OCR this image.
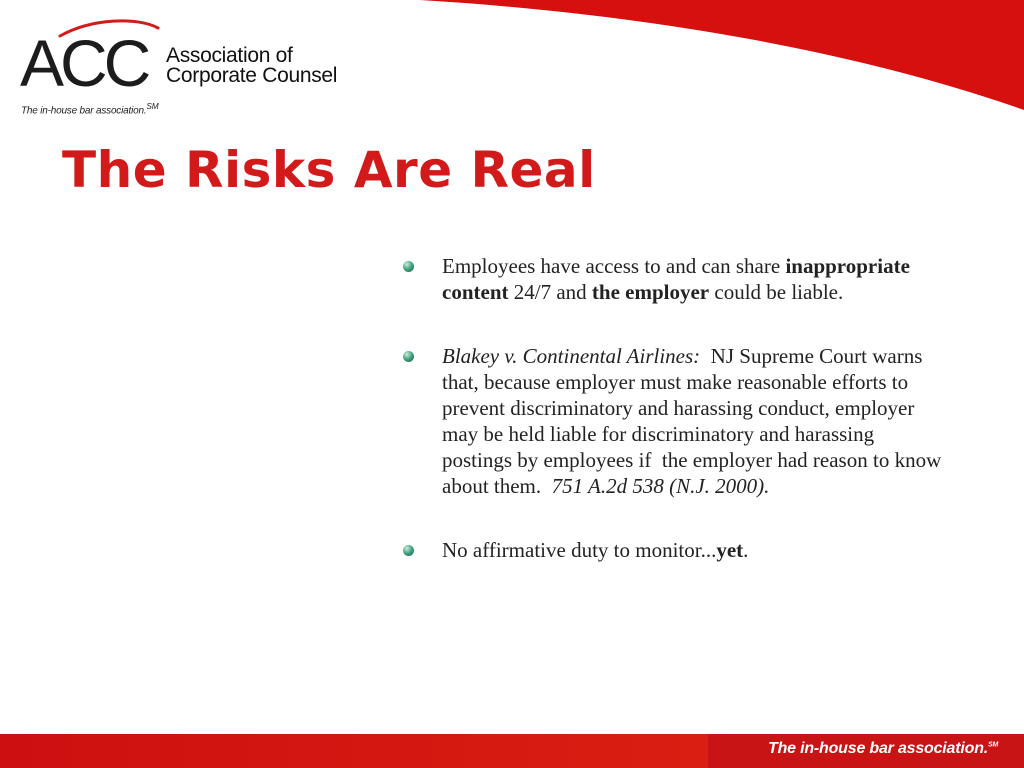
ACC Association of
Corporate Counsel
The in-house bar association.℠
The Risks Are Real
Employees have access to and can share inappropriate content 24/7 and the employer could be liable.
Blakey v. Continental Airlines:  NJ Supreme Court warns that, because employer must make reasonable efforts to prevent discriminatory and harassing conduct, employer may be held liable for discriminatory and harassing postings by employees if  the employer had reason to know about them.  751 A.2d 538 (N.J. 2000).
No affirmative duty to monitor...yet.
The in-house bar association.℠
